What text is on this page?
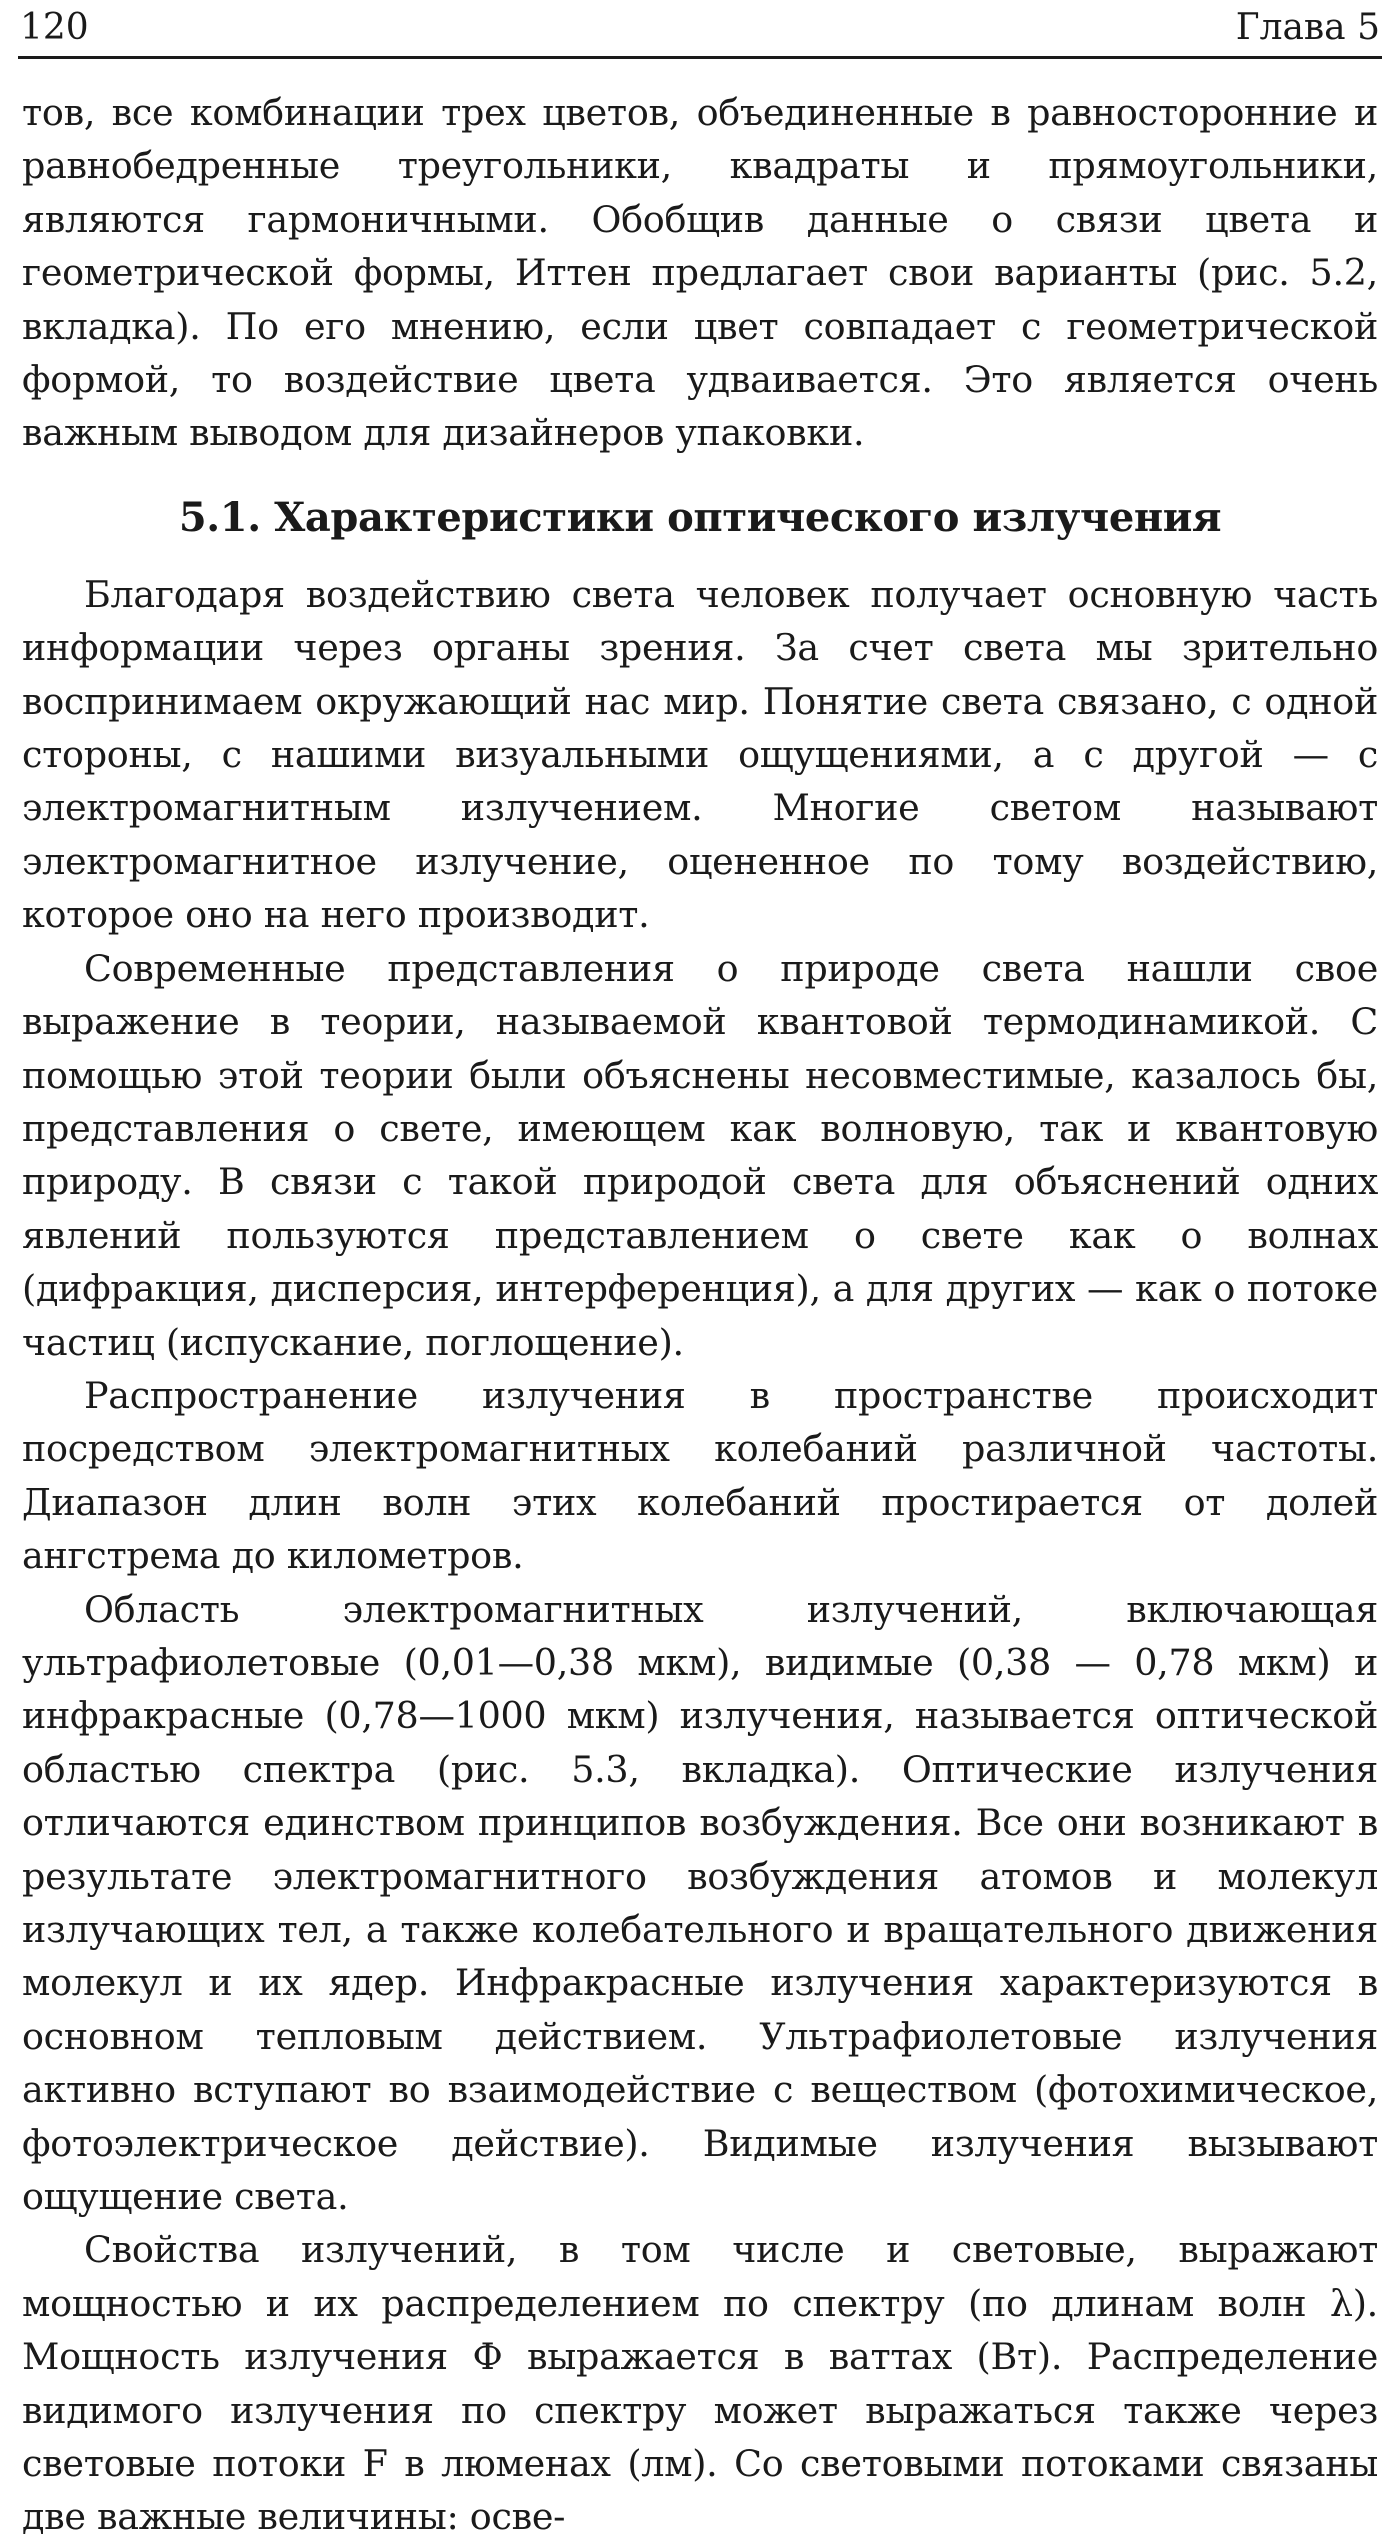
120	Глава 5

тов, все комбинации трех цветов, объединенные в равносторонние и равнобедренные треугольники, квадраты и прямоугольники, являются гармоничными. Обобщив данные о связи цвета и геометрической формы, Иттен предлагает свои варианты (рис. 5.2, вкладка). По его мнению, если цвет совпадает с геометрической формой, то воздействие цвета удваивается. Это является очень важным выводом для дизайнеров упаковки.

5.1. Характеристики оптического излучения

Благодаря воздействию света человек получает основную часть информации через органы зрения. За счет света мы зрительно воспринимаем окружающий нас мир. Понятие света связано, с одной стороны, с нашими визуальными ощущениями, а с другой — с электромагнитным излучением. Многие светом называют электромагнитное излучение, оцененное по тому воздействию, которое оно на него производит.

Современные представления о природе света нашли свое выражение в теории, называемой квантовой термодинамикой. С помощью этой теории были объяснены несовместимые, казалось бы, представления о свете, имеющем как волновую, так и квантовую природу. В связи с такой природой света для объяснений одних явлений пользуются представлением о свете как о волнах (дифракция, дисперсия, интерференция), а для других — как о потоке частиц (испускание, поглощение).

Распространение излучения в пространстве происходит посредством электромагнитных колебаний различной частоты. Диапазон длин волн этих колебаний простирается от долей ангстрема до километров.

Область электромагнитных излучений, включающая ультрафиолетовые (0,01—0,38 мкм), видимые (0,38 — 0,78 мкм) и инфракрасные (0,78—1000 мкм) излучения, называется оптической областью спектра (рис. 5.3, вкладка). Оптические излучения отличаются единством принципов возбуждения. Все они возникают в результате электромагнитного возбуждения атомов и молекул излучающих тел, а также колебательного и вращательного движения молекул и их ядер. Инфракрасные излучения характеризуются в основном тепловым действием. Ультрафиолетовые излучения активно вступают во взаимодействие с веществом (фотохимическое, фотоэлектрическое действие). Видимые излучения вызывают ощущение света.

Свойства излучений, в том числе и световые, выражают мощностью и их распределением по спектру (по длинам волн λ). Мощность излучения Ф выражается в ваттах (Вт). Распределение видимого излучения по спектру может выражаться также через световые потоки F в люменах (лм). Со световыми потоками связаны две важные величины: осве-
